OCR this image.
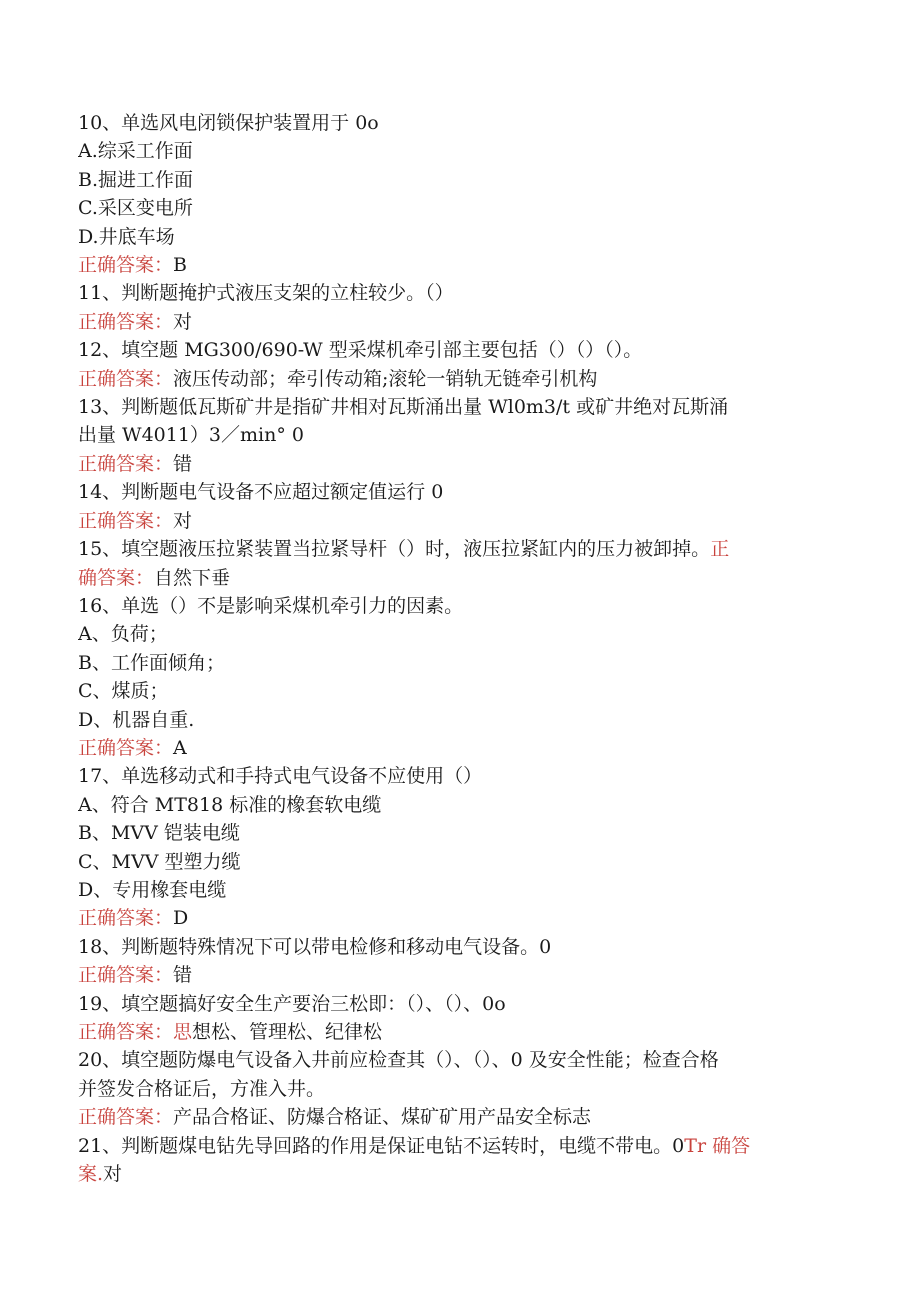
10、单选风电闭锁保护装置用于 0o

A.综采工作面

B.掘进工作面

C.采区变电所

D.井底车场

正确答案：B

11、判断题掩护式液压支架的立柱较少。（）

正确答案：对

12、填空题 MG300/690-W 型采煤机牵引部主要包括（）（）（）。

正确答案：液压传动部；牵引传动箱;滚轮一销轨无链牵引机构

13、判断题低瓦斯矿井是指矿井相对瓦斯涌出量 Wl0m3/t 或矿井绝对瓦斯涌

出量 W4011）3／min° 0

正确答案：错

14、判断题电气设备不应超过额定值运行 0

正确答案：对

15、填空题液压拉紧装置当拉紧导杆（）时，液压拉紧缸内的压力被卸掉。正

确答案：自然下垂

16、单选（）不是影响采煤机牵引力的因素。

A、负荷；

B、工作面倾角；

C、煤质；

D、机器自重.

正确答案：A

17、单选移动式和手持式电气设备不应使用（）

A、符合 MT818 标准的橡套软电缆

B、MVV 铠装电缆

C、MVV 型塑力缆

D、专用橡套电缆

正确答案：D

18、判断题特殊情况下可以带电检修和移动电气设备。0

正确答案：错

19、填空题搞好安全生产要治三松即：（）、（）、0o

正确答案：思想松、管理松、纪律松

20、填空题防爆电气设备入井前应检查其（）、（）、0 及安全性能；检查合格

并签发合格证后，方准入井。

正确答案：产品合格证、防爆合格证、煤矿矿用产品安全标志

21、判断题煤电钻先导回路的作用是保证电钻不运转时，电缆不带电。0Tr 确答

案.对
